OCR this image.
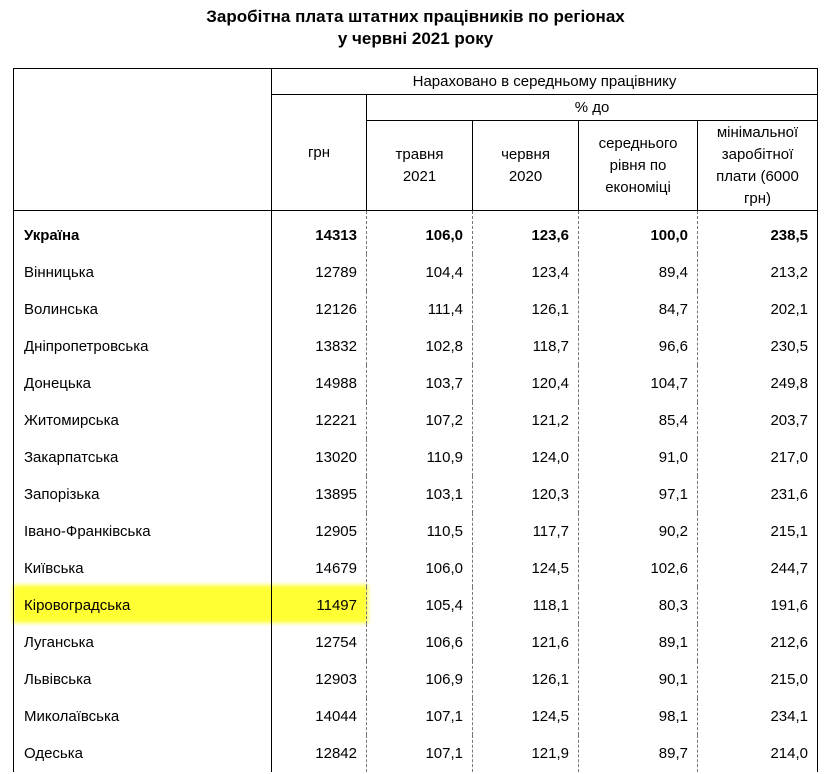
Заробітна плата штатних працівників по регіонах
у червні 2021 року
	Нараховано в середньому працівнику				
	грн	% до			

		травня 2021	червня 2020	середнього рівня по економіці	мінімальної заробітної плати (6000 грн)

Україна	14313	106,0	123,6	100,0	238,5
Вінницька	12789	104,4	123,4	89,4	213,2
Волинська	12126	111,4	126,1	84,7	202,1
Дніпропетровська	13832	102,8	118,7	96,6	230,5
Донецька	14988	103,7	120,4	104,7	249,8
Житомирська	12221	107,2	121,2	85,4	203,7
Закарпатська	13020	110,9	124,0	91,0	217,0
Запорізька	13895	103,1	120,3	97,1	231,6
Івано-Франківська	12905	110,5	117,7	90,2	215,1
Київська	14679	106,0	124,5	102,6	244,7
Кіровоградська	11497	105,4	118,1	80,3	191,6
Луганська	12754	106,6	121,6	89,1	212,6
Львівська	12903	106,9	126,1	90,1	215,0
Миколаївська	14044	107,1	124,5	98,1	234,1
Одеська	12842	107,1	121,9	89,7	214,0
